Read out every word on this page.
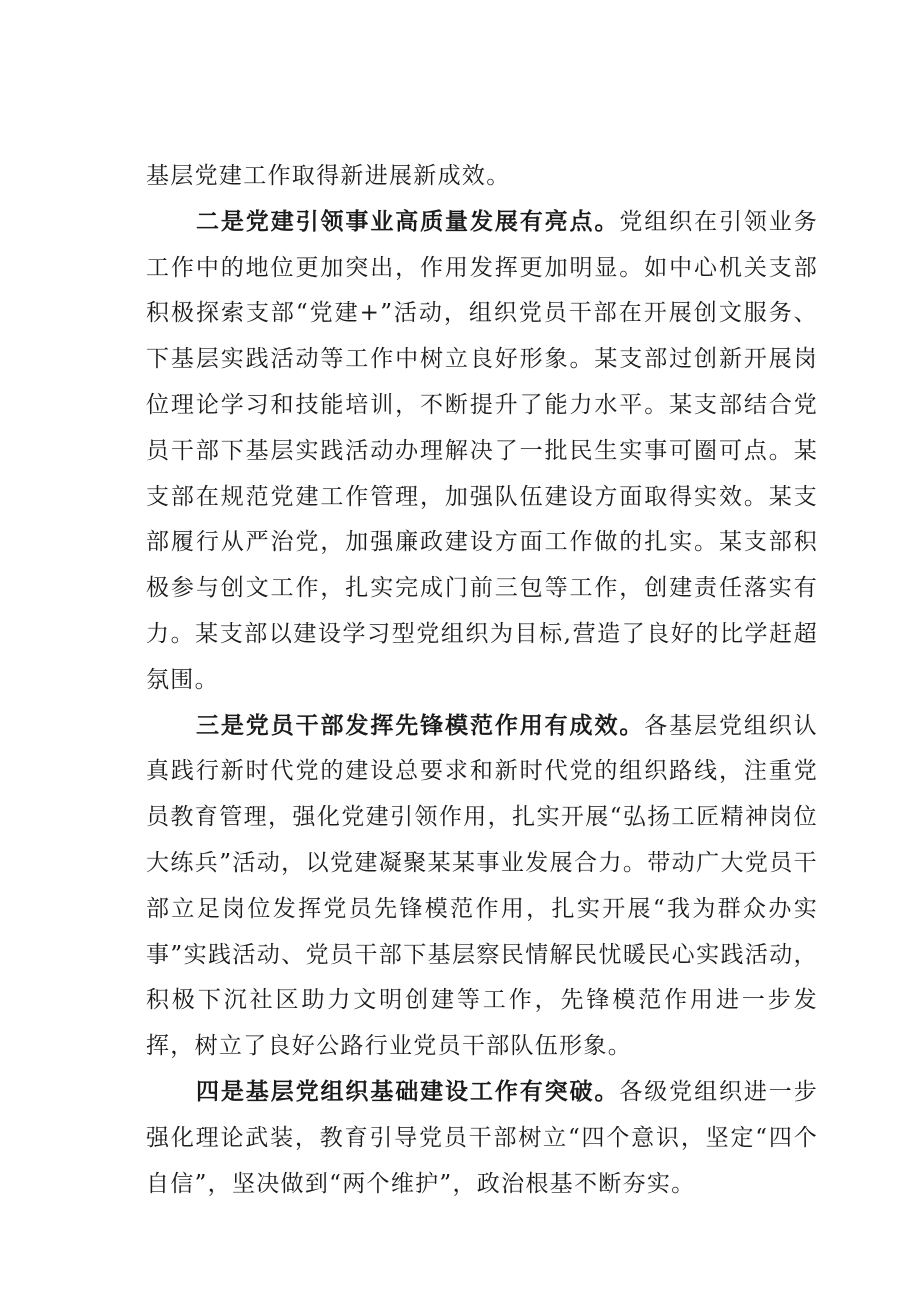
基层党建工作取得新进展新成效。

二是党建引领事业高质量发展有亮点。党组织在引领业务工作中的地位更加突出，作用发挥更加明显。如中心机关支部积极探索支部“党建+”活动，组织党员干部在开展创文服务、下基层实践活动等工作中树立良好形象。某支部过创新开展岗位理论学习和技能培训，不断提升了能力水平。某支部结合党员干部下基层实践活动办理解决了一批民生实事可圈可点。某支部在规范党建工作管理，加强队伍建设方面取得实效。某支部履行从严治党，加强廉政建设方面工作做的扎实。某支部积极参与创文工作，扎实完成门前三包等工作，创建责任落实有力。某支部以建设学习型党组织为目标,营造了良好的比学赶超氛围。

三是党员干部发挥先锋模范作用有成效。各基层党组织认真践行新时代党的建设总要求和新时代党的组织路线，注重党员教育管理，强化党建引领作用，扎实开展“弘扬工匠精神岗位大练兵”活动，以党建凝聚某某事业发展合力。带动广大党员干部立足岗位发挥党员先锋模范作用，扎实开展“我为群众办实事”实践活动、党员干部下基层察民情解民忧暖民心实践活动，积极下沉社区助力文明创建等工作，先锋模范作用进一步发挥，树立了良好公路行业党员干部队伍形象。

四是基层党组织基础建设工作有突破。各级党组织进一步强化理论武装，教育引导党员干部树立“四个意识，坚定“四个自信”，坚决做到“两个维护”，政治根基不断夯实。
